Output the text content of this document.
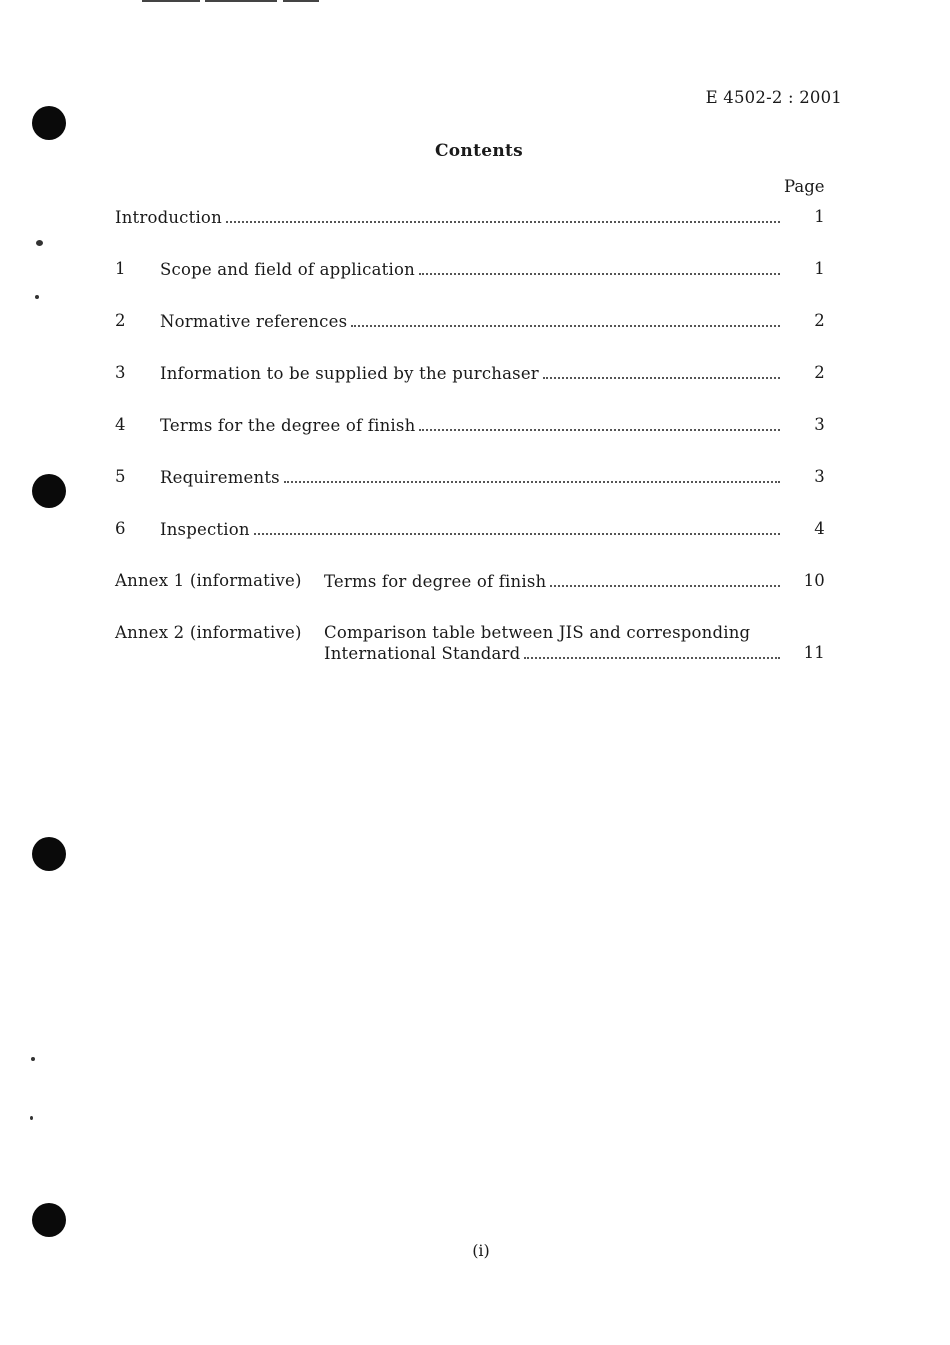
E 4502-2 : 2001
Contents
Page
Introduction	1
1 Scope and field of application	1
2 Normative references	2
3 Information to be supplied by the purchaser	2
4 Terms for the degree of finish	3
5 Requirements	3
6 Inspection	4
Annex 1 (informative) Terms for degree of finish	10
Annex 2 (informative) Comparison table between JIS and corresponding
International Standard	11
(i)
